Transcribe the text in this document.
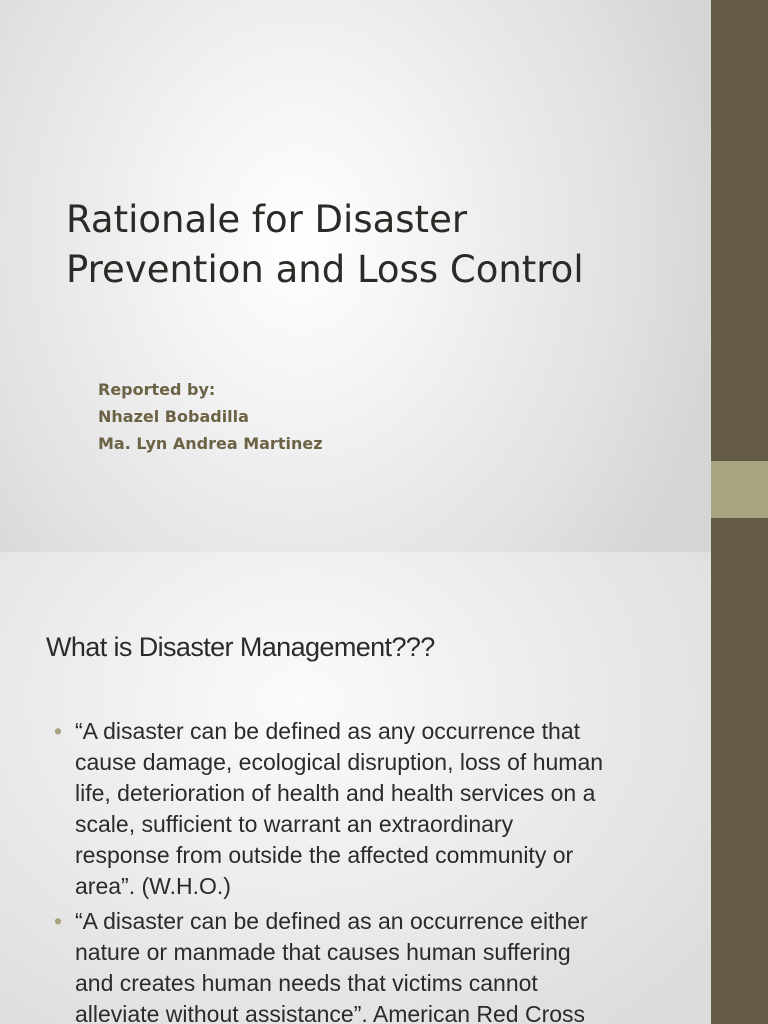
Rationale for Disaster
Prevention and Loss Control
Reported by:
Nhazel Bobadilla
Ma. Lyn Andrea Martinez
What is Disaster Management???
• “A disaster can be defined as any occurrence that
cause damage, ecological disruption, loss of human
life, deterioration of health and health services on a
scale, sufficient to warrant an extraordinary
response from outside the affected community or
area”. (W.H.O.)
• “A disaster can be defined as an occurrence either
nature or manmade that causes human suffering
and creates human needs that victims cannot
alleviate without assistance”. American Red Cross
